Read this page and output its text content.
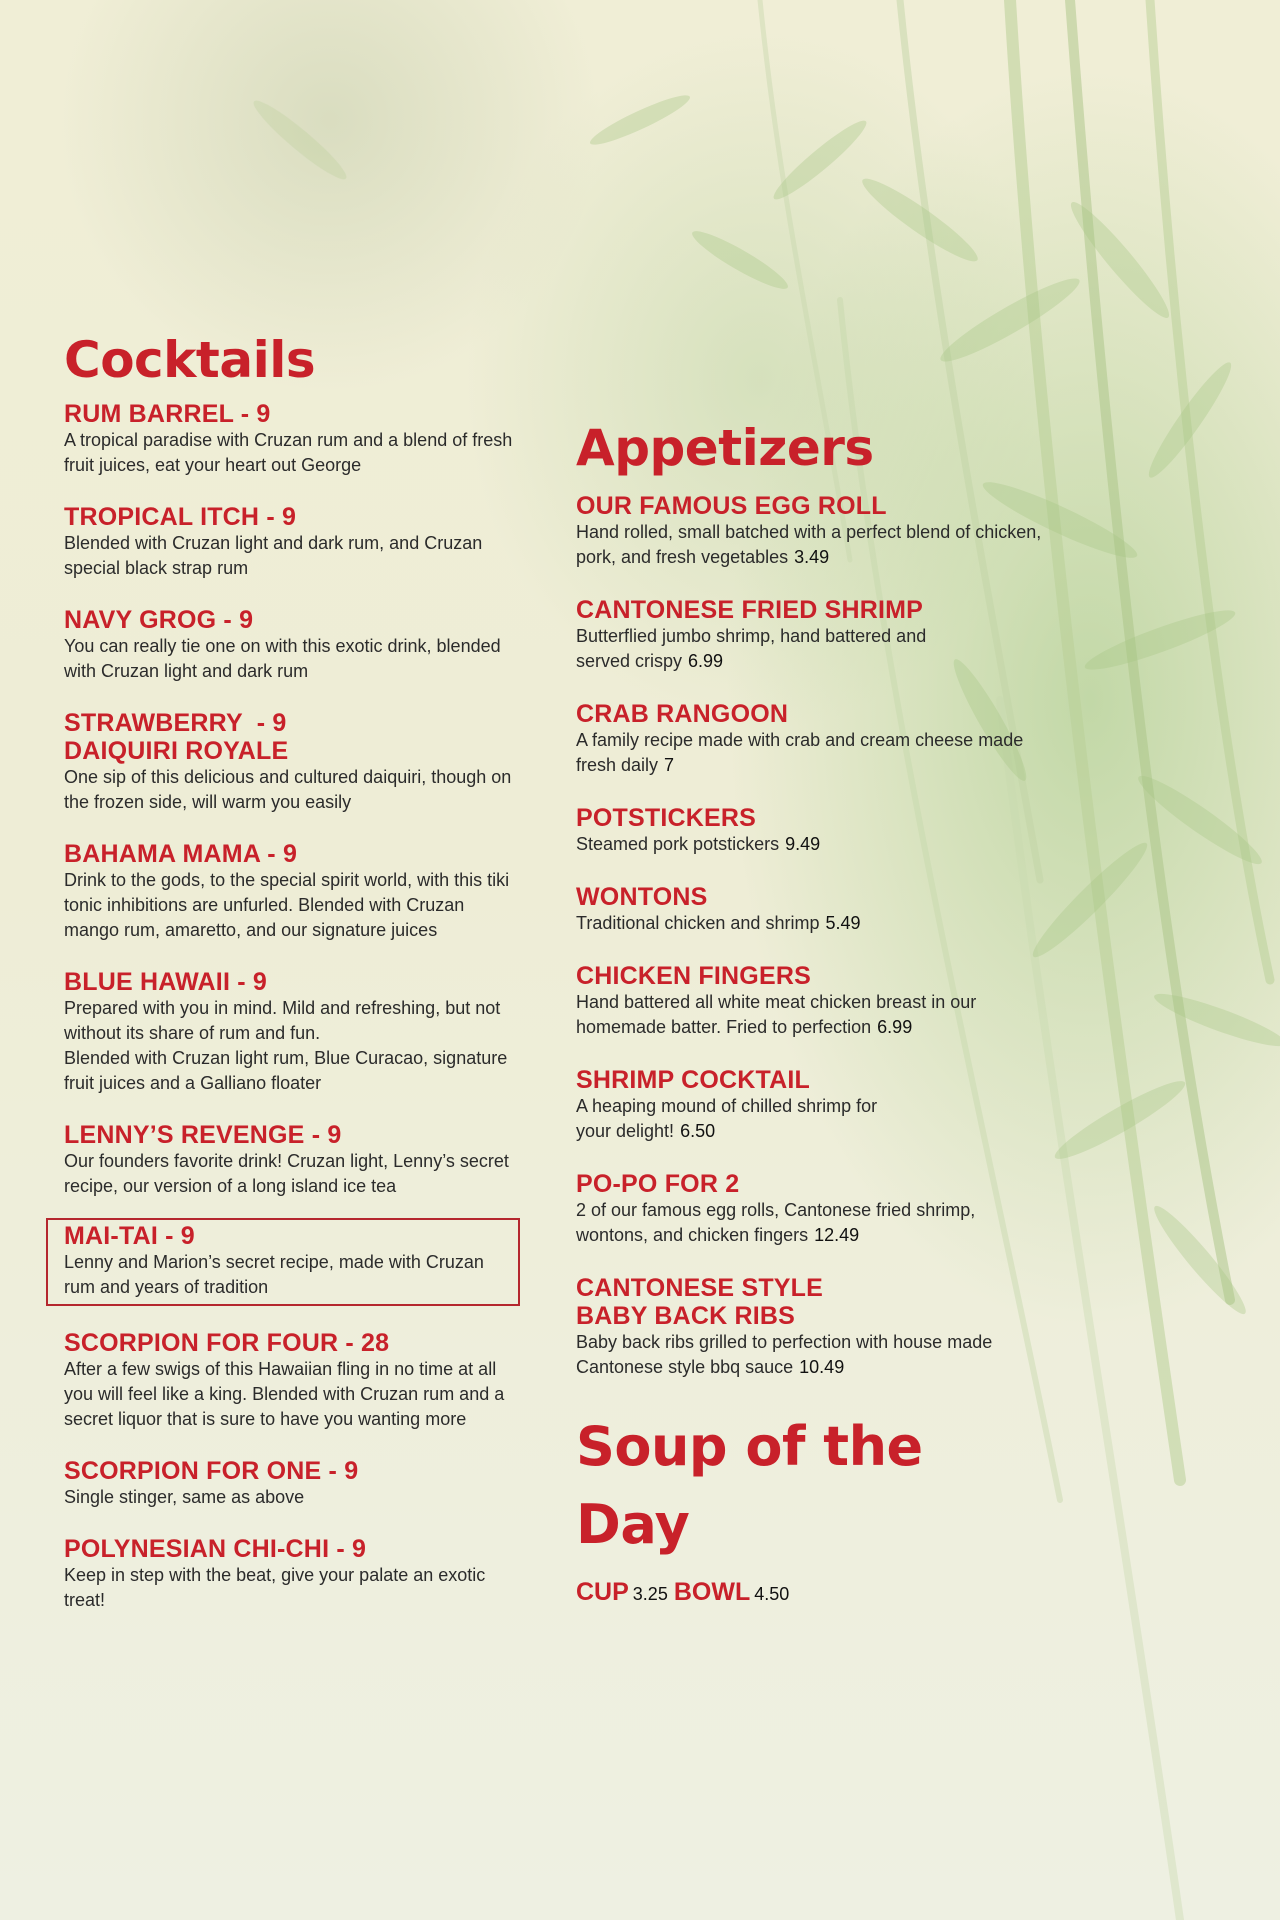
Cocktails
RUM BARREL - 9
A tropical paradise with Cruzan rum and a blend of fresh fruit juices, eat your heart out George
TROPICAL ITCH - 9
Blended with Cruzan light and dark rum, and Cruzan special black strap rum
NAVY GROG - 9
You can really tie one on with this exotic drink, blended with Cruzan light and dark rum
STRAWBERRY  - 9
DAIQUIRI ROYALE
One sip of this delicious and cultured daiquiri, though on the frozen side, will warm you easily
BAHAMA MAMA - 9
Drink to the gods, to the special spirit world, with this tiki tonic inhibitions are unfurled. Blended with Cruzan mango rum, amaretto, and our signature juices
BLUE HAWAII - 9
Prepared with you in mind. Mild and refreshing, but not without its share of rum and fun.
Blended with Cruzan light rum, Blue Curacao, signature fruit juices and a Galliano floater
LENNY’S REVENGE - 9
Our founders favorite drink! Cruzan light, Lenny’s secret recipe, our version of a long island ice tea
MAI-TAI - 9
Lenny and Marion’s secret recipe, made with Cruzan rum and years of tradition
SCORPION FOR FOUR - 28
After a few swigs of this Hawaiian fling in no time at all you will feel like a king. Blended with Cruzan rum and a secret liquor that is sure to have you wanting more
SCORPION FOR ONE - 9
Single stinger, same as above
POLYNESIAN CHI-CHI - 9
Keep in step with the beat, give your palate an exotic treat!
Appetizers
OUR FAMOUS EGG ROLL
Hand rolled, small batched with a perfect blend of chicken, pork, and fresh vegetables 3.49
CANTONESE FRIED SHRIMP
Butterflied jumbo shrimp, hand battered and served crispy 6.99
CRAB RANGOON
A family recipe made with crab and cream cheese made fresh daily 7
POTSTICKERS
Steamed pork potstickers 9.49
WONTONS
Traditional chicken and shrimp 5.49
CHICKEN FINGERS
Hand battered all white meat chicken breast in our homemade batter. Fried to perfection 6.99
SHRIMP COCKTAIL
A heaping mound of chilled shrimp for your delight! 6.50
PO-PO FOR 2
2 of our famous egg rolls, Cantonese fried shrimp, wontons, and chicken fingers 12.49
CANTONESE STYLE
BABY BACK RIBS
Baby back ribs grilled to perfection with house made Cantonese style bbq sauce 10.49
Soup of the
Day
CUP 3.25 BOWL 4.50
